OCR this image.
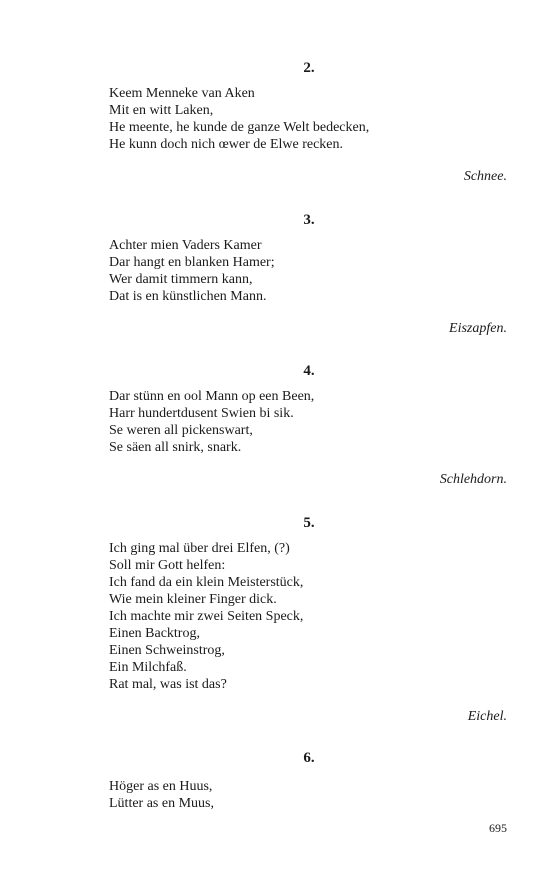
2.
Keem Menneke van Aken
Mit en witt Laken,
He meente, he kunde de ganze Welt bedecken,
He kunn doch nich œwer de Elwe recken.
Schnee.
3.
Achter mien Vaders Kamer
Dar hangt en blanken Hamer;
Wer damit timmern kann,
Dat is en künstlichen Mann.
Eiszapfen.
4.
Dar stünn en ool Mann op een Been,
Harr hundertdusent Swien bi sik.
Se weren all pickenswart,
Se säen all snirk, snark.
Schlehdorn.
5.
Ich ging mal über drei Elfen, (?)
Soll mir Gott helfen:
Ich fand da ein klein Meisterstück,
Wie mein kleiner Finger dick.
Ich machte mir zwei Seiten Speck,
Einen Backtrog,
Einen Schweinstrog,
Ein Milchfaß.
Rat mal, was ist das?
Eichel.
6.
Höger as en Huus,
Lütter as en Muus,
695
